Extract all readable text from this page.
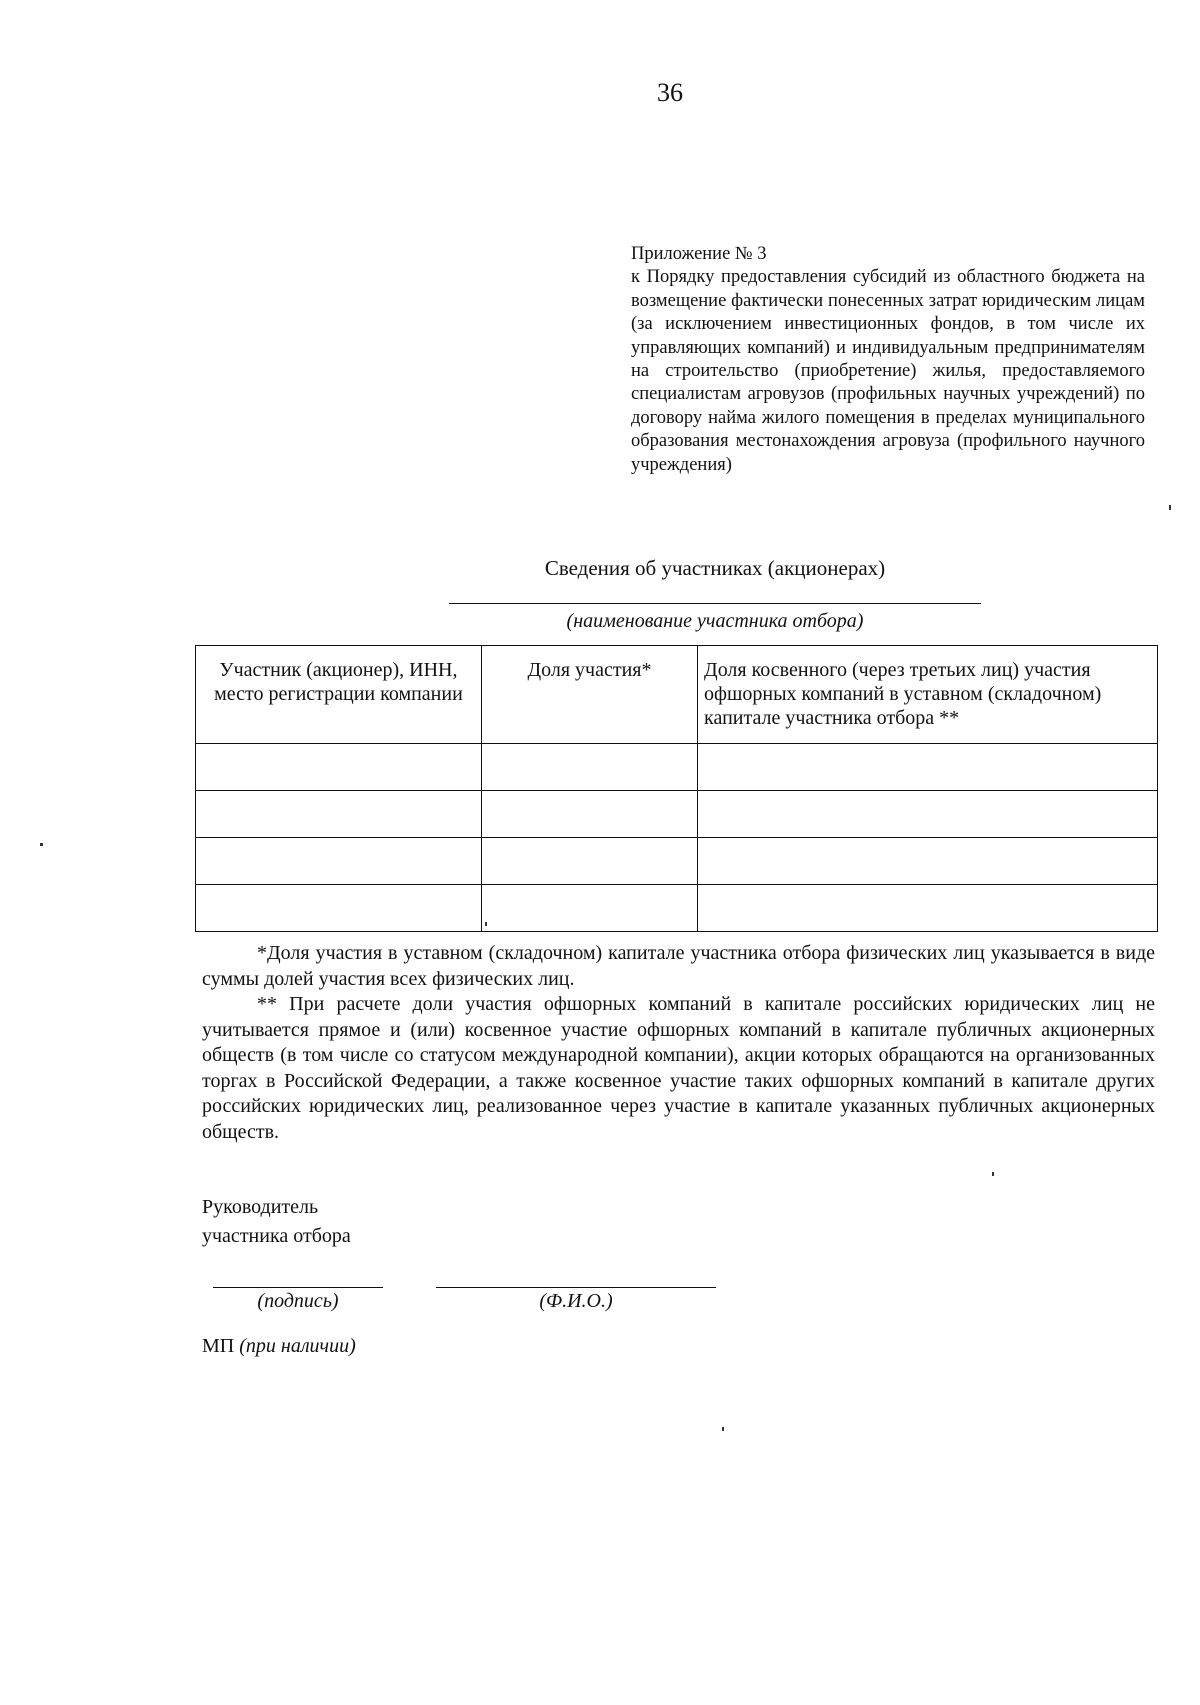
36
Приложение № 3
к Порядку предоставления субсидий из областного бюджета на возмещение фактически понесенных затрат юридическим лицам (за исключением инвестиционных фондов, в том числе их управляющих компаний) и индивидуальным предпринимателям на строительство (приобретение) жилья, предоставляемого специалистам агровузов (профильных научных учреждений) по договору найма жилого помещения в пределах муниципального образования местонахождения агровуза (профильного научного учреждения)
Сведения об участниках (акционерах)
(наименование участника отбора)
Участник (акционер), ИНН, место регистрации компании	Доля участия*	Доля косвенного (через третьих лиц) участия офшорных компаний в уставном (складочном) капитале участника отбора **

*Доля участия в уставном (складочном) капитале участника отбора физических лиц указывается в виде суммы долей участия всех физических лиц.

** При расчете доли участия офшорных компаний в капитале российских юридических лиц не учитывается прямое и (или) косвенное участие офшорных компаний в капитале публичных акционерных обществ (в том числе со статусом международной компании), акции которых обращаются на организованных торгах в Российской Федерации, а также косвенное участие таких офшорных компаний в капитале других российских юридических лиц, реализованное через участие в капитале указанных публичных акционерных обществ.

Руководитель
участника отбора
(подпись)	(Ф.И.О.)
МП (при наличии)
